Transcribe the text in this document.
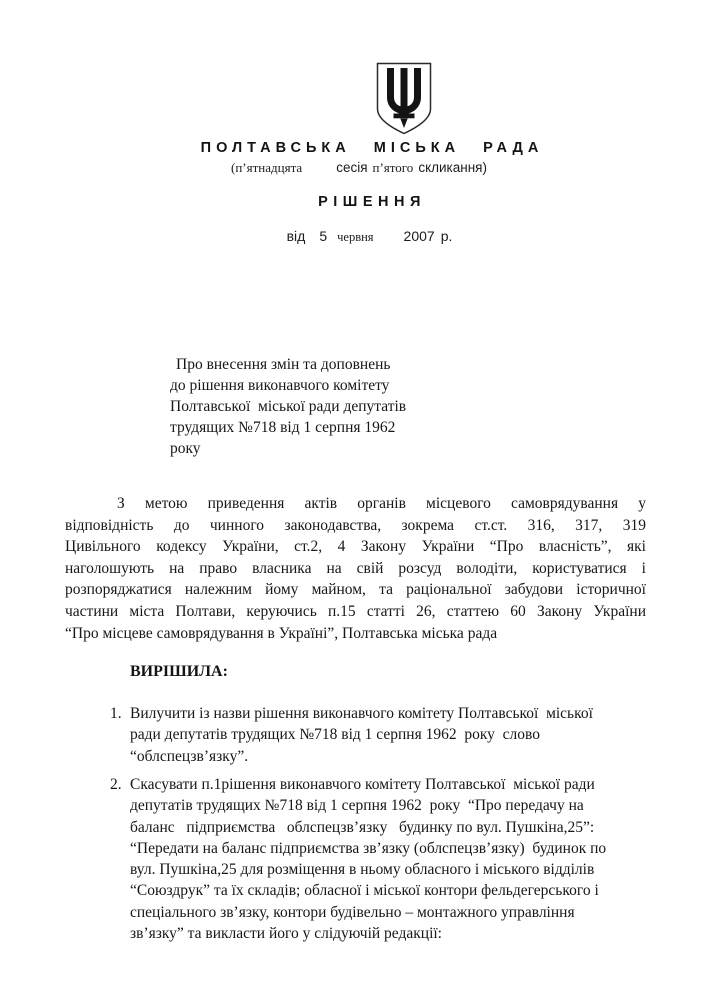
ПОЛТАВСЬКА МІСЬКА РАДА
(п’ятнадцята	сесія п’ятого скликання)
РІШЕННЯ
від 5 червня 2007 р.
Про внесення змін та доповнень
до рішення виконавчого комітету
Полтавської  міської ради депутатів
трудящих №718 від 1 серпня 1962
року
З метою приведення актів органів місцевого самоврядування у
відповідність до чинного законодавства, зокрема ст.ст. 316, 317, 319
Цивільного кодексу України, ст.2, 4 Закону України “Про власність”, які
наголошують на право власника на свій розсуд володіти, користуватися і
розпоряджатися належним йому майном, та раціональної забудови історичної
частини міста Полтави, керуючись п.15 статті 26, статтею 60 Закону України
“Про місцеве самоврядування в Україні”, Полтавська міська рада
ВИРІШИЛА:
1. Вилучити із назви рішення виконавчого комітету Полтавської  міської
ради депутатів трудящих №718 від 1 серпня 1962  року  слово
“облспецзв’язку”.
2. Скасувати п.1рішення виконавчого комітету Полтавської  міської ради
депутатів трудящих №718 від 1 серпня 1962  року  “Про передачу на
баланс   підприємства   облспецзв’язку   будинку по вул. Пушкіна,25”:
“Передати на баланс підприємства зв’язку (облспецзв’язку)  будинок по
вул. Пушкіна,25 для розміщення в ньому обласного і міського відділів
“Союздрук” та їх складів; обласної і міської контори фельдегерського і
спеціального зв’язку, контори будівельно – монтажного управління
зв’язку” та викласти його у слідуючій редакції:
